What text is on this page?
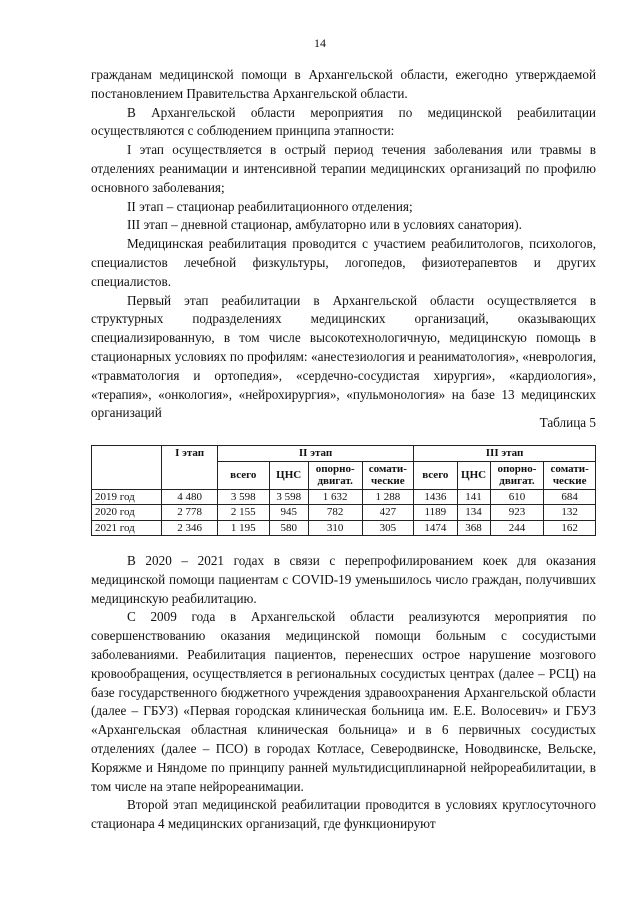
14

гражданам медицинской помощи в Архангельской области, ежегодно утверждаемой постановлением Правительства Архангельской области.

В Архангельской области мероприятия по медицинской реабилитации осуществляются с соблюдением принципа этапности:

I этап осуществляется в острый период течения заболевания или травмы в отделениях реанимации и интенсивной терапии медицинских организаций по профилю основного заболевания;

II этап – стационар реабилитационного отделения;

III этап – дневной стационар, амбулаторно или в условиях санатория).

Медицинская реабилитация проводится с участием реабилитологов, психологов, специалистов лечебной физкультуры, логопедов, физиотерапевтов и других специалистов.

Первый этап реабилитации в Архангельской области осуществляется в структурных подразделениях медицинских организаций, оказывающих специализированную, в том числе высокотехнологичную, медицинскую помощь в стационарных условиях по профилям: «анестезиология и реаниматология», «неврология, «травматология и ортопедия», «сердечно-сосудистая хирургия», «кардиология», «терапия», «онкология», «нейрохирургия», «пульмонология» на базе 13 медицинских организаций

Таблица 5
	I этап	II этап				III этап			
		всего	ЦНС	опорно-двигат.	сомати-ческие	всего	ЦНС	опорно-двигат.	сомати-ческие
2019 год	4 480	3 598	3 598	1 632	1 288	1436	141	610	684
2020 год	2 778	2 155	945	782	427	1189	134	923	132
2021 год	2 346	1 195	580	310	305	1474	368	244	162

В 2020 – 2021 годах в связи с перепрофилированием коек для оказания медицинской помощи пациентам с COVID-19 уменьшилось число граждан, получивших медицинскую реабилитацию.

С 2009 года в Архангельской области реализуются мероприятия по совершенствованию оказания медицинской помощи больным с сосудистыми заболеваниями. Реабилитация пациентов, перенесших острое нарушение мозгового кровообращения, осуществляется в региональных сосудистых центрах (далее – РСЦ) на базе государственного бюджетного учреждения здравоохранения Архангельской области (далее – ГБУЗ) «Первая городская клиническая больница им. Е.Е. Волосевич» и ГБУЗ «Архангельская областная клиническая больница» и в 6 первичных сосудистых отделениях (далее – ПСО) в городах Котласе, Северодвинске, Новодвинске, Вельске, Коряжме и Няндоме по принципу ранней мультидисциплинарной нейрореабилитации, в том числе на этапе нейрореанимации.

Второй этап медицинской реабилитации проводится в условиях круглосуточного стационара 4 медицинских организаций, где функционируют
